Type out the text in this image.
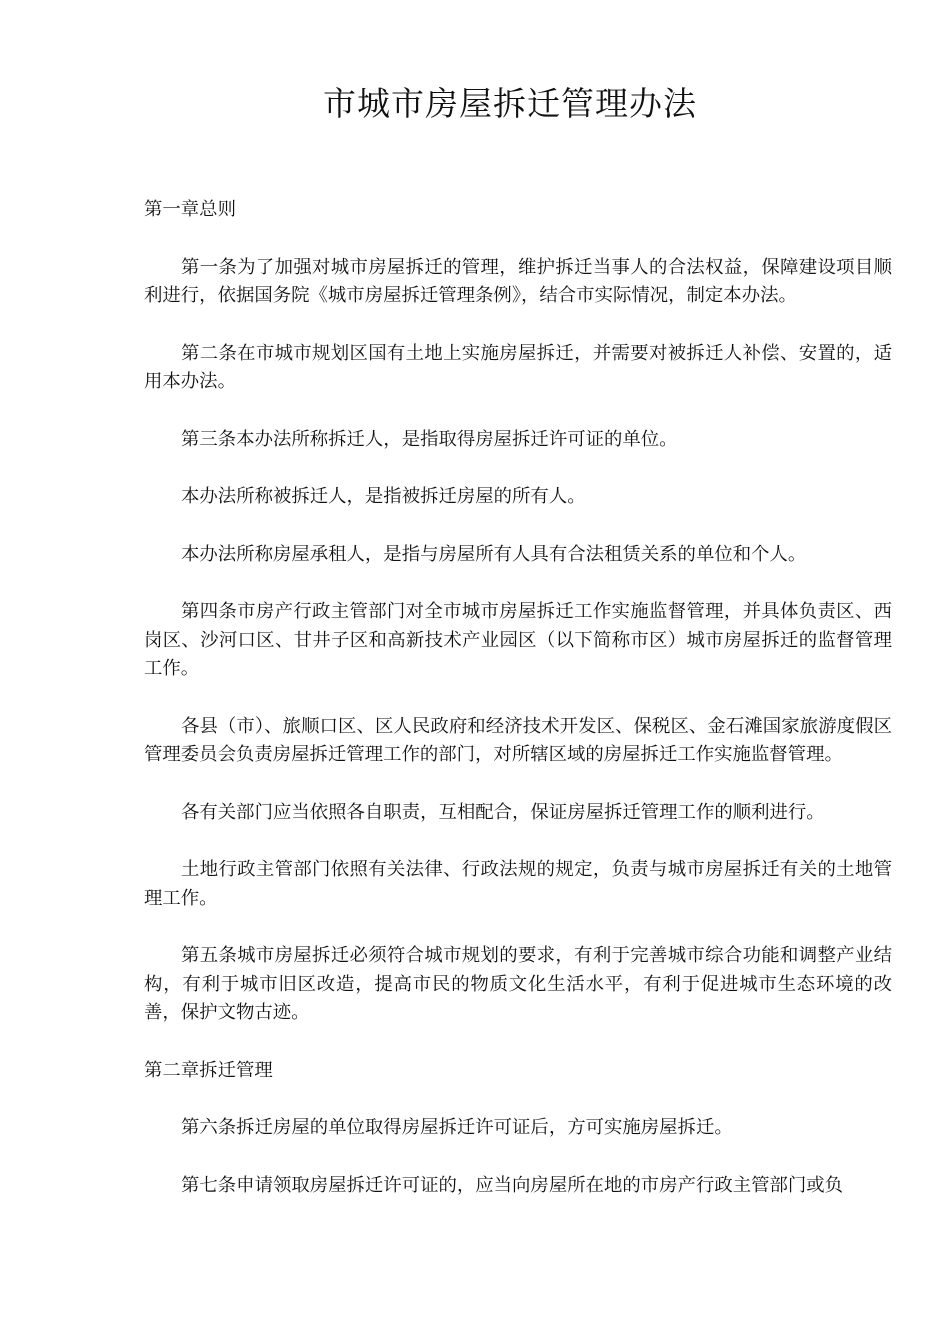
市城市房屋拆迁管理办法

第一章总则

第一条为了加强对城市房屋拆迁的管理，维护拆迁当事人的合法权益，保障建设项目顺利进行，依据国务院《城市房屋拆迁管理条例》，结合市实际情况，制定本办法。

第二条在市城市规划区国有土地上实施房屋拆迁，并需要对被拆迁人补偿、安置的，适用本办法。

第三条本办法所称拆迁人，是指取得房屋拆迁许可证的单位。

本办法所称被拆迁人，是指被拆迁房屋的所有人。

本办法所称房屋承租人，是指与房屋所有人具有合法租赁关系的单位和个人。

第四条市房产行政主管部门对全市城市房屋拆迁工作实施监督管理，并具体负责区、西岗区、沙河口区、甘井子区和高新技术产业园区（以下简称市区）城市房屋拆迁的监督管理工作。

各县（市）、旅顺口区、区人民政府和经济技术开发区、保税区、金石滩国家旅游度假区管理委员会负责房屋拆迁管理工作的部门，对所辖区域的房屋拆迁工作实施监督管理。

各有关部门应当依照各自职责，互相配合，保证房屋拆迁管理工作的顺利进行。

土地行政主管部门依照有关法律、行政法规的规定，负责与城市房屋拆迁有关的土地管理工作。

第五条城市房屋拆迁必须符合城市规划的要求，有利于完善城市综合功能和调整产业结构，有利于城市旧区改造，提高市民的物质文化生活水平，有利于促进城市生态环境的改善，保护文物古迹。

第二章拆迁管理

第六条拆迁房屋的单位取得房屋拆迁许可证后，方可实施房屋拆迁。

第七条申请领取房屋拆迁许可证的，应当向房屋所在地的市房产行政主管部门或负
